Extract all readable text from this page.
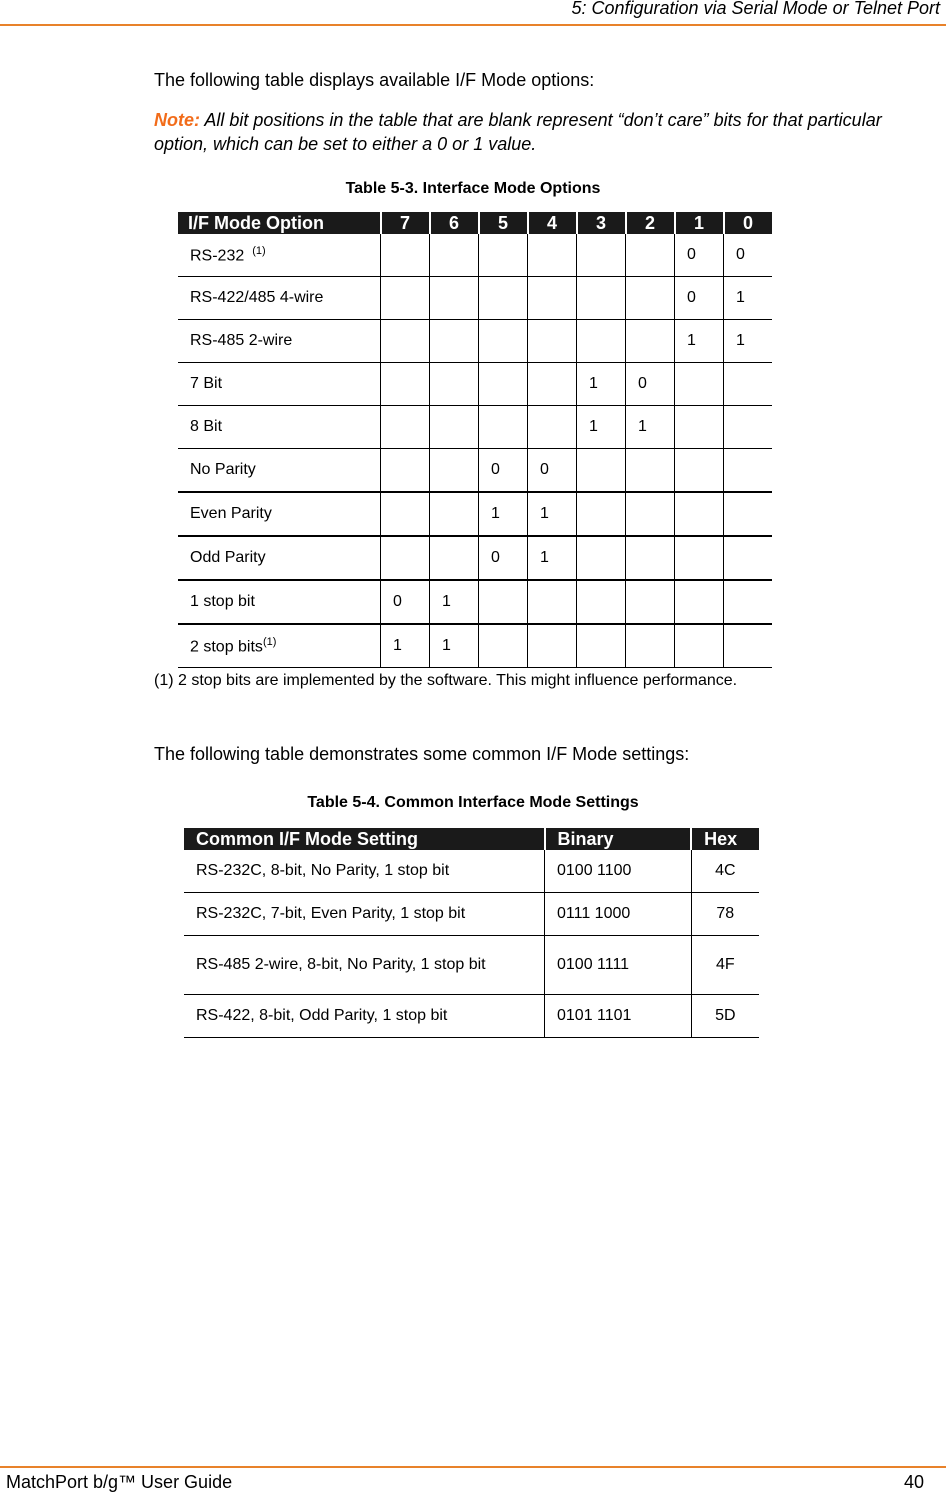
5: Configuration via Serial Mode or Telnet Port
The following table displays available I/F Mode options:
Note: All bit positions in the table that are blank represent “don’t care” bits for that particular option, which can be set to either a 0 or 1 value.
Table 5-3. Interface Mode Options
I/F Mode Option	7	6	5	4	3	2	1	0
RS-232 $^{(1)}$							0	0
RS-422/485 4-wire							0	1
RS-485 2-wire							1	1
7 Bit					1	0		
8 Bit					1	1		
No Parity			0	0				
Even Parity			1	1				
Odd Parity			0	1				
1 stop bit	0	1						
2 stop bits$^{(1)}$	1	1						
(1) 2 stop bits are implemented by the software. This might influence performance.
The following table demonstrates some common I/F Mode settings:
Table 5-4. Common Interface Mode Settings
Common I/F Mode Setting	Binary	Hex
RS-232C, 8-bit, No Parity, 1 stop bit	0100 1100	4C
RS-232C, 7-bit, Even Parity, 1 stop bit	0111 1000	78
RS-485 2-wire, 8-bit, No Parity, 1 stop bit	0100 1111	4F
RS-422, 8-bit, Odd Parity, 1 stop bit	0101 1101	5D
MatchPort b/g™ User Guide	40
